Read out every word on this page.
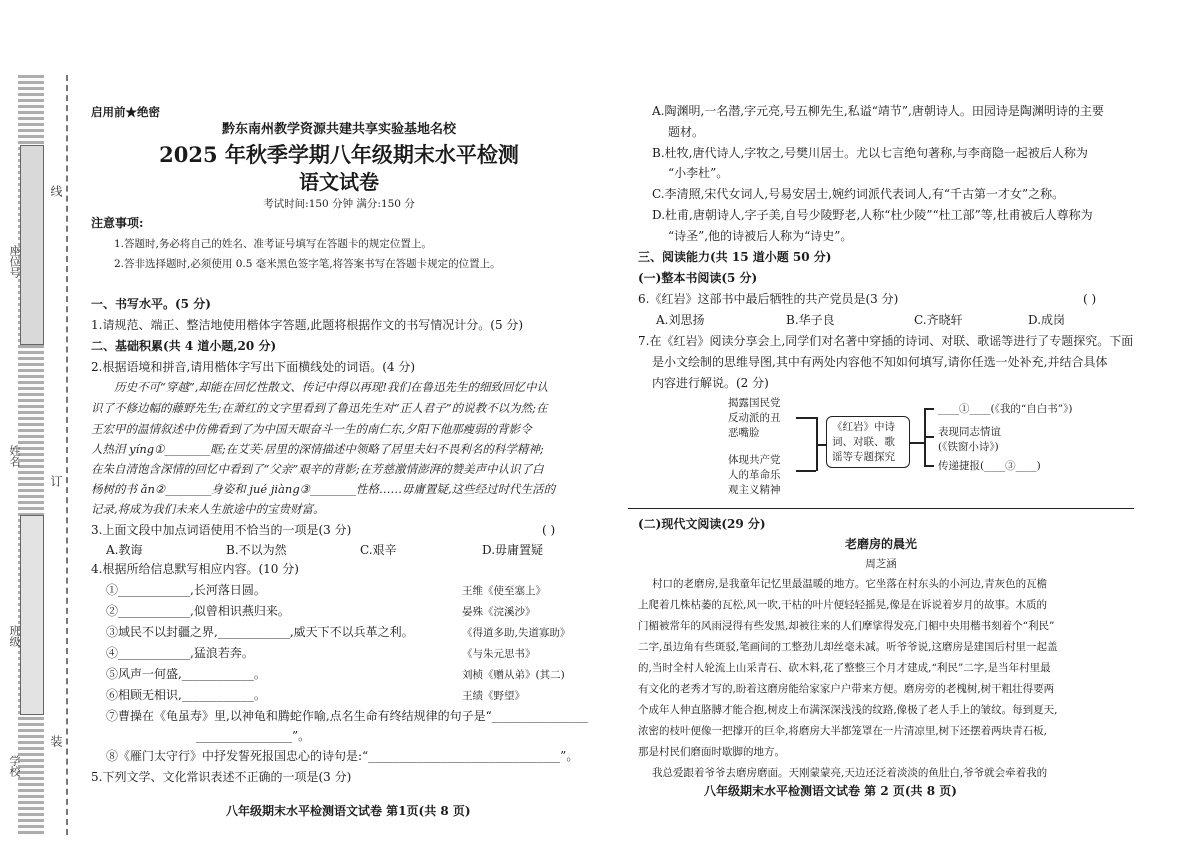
座位号
姓名
班级
学校
线
订
装
启用前★绝密
黔东南州教学资源共建共享实验基地名校
2025 年秋季学期八年级期末水平检测
语文试卷
考试时间:150 分钟 满分:150 分
注意事项:
1.答题时,务必将自己的姓名、准考证号填写在答题卡的规定位置上。
2.答非选择题时,必须使用 0.5 毫米黑色签字笔,将答案书写在答题卡规定的位置上。
一、书写水平。(5 分)
1.请规范、端正、整洁地使用楷体字答题,此题将根据作文的书写情况计分。(5 分)
二、基础积累(共 4 道小题,20 分)
2.根据语境和拼音,请用楷体字写出下面横线处的词语。(4 分)
历史不可“穿越”,却能在回忆性散文、传记中得以再现!我们在鲁迅先生的细致回忆中认
识了不修边幅的藤野先生;在萧红的文字里看到了鲁迅先生对“正人君子”的说教不以为然;在
王宏甲的温情叙述中仿佛看到了为中国天眼奋斗一生的南仁东,夕阳下他那瘦弱的背影令
人热泪 yíng①________眶;在艾芙·居里的深情描述中领略了居里夫妇不畏利名的科学精神;
在朱自清饱含深情的回忆中看到了“父亲”艰辛的背影;在芳慈激情澎湃的赞美声中认识了白
杨树的书 ǎn②________身姿和 jué jiàng③________性格……毋庸置疑,这些经过时代生活的
记录,将成为我们未来人生旅途中的宝贵财富。
3.上面文段中加点词语使用不恰当的一项是(3 分)	( )
A.教诲	B.不以为然	C.艰辛	D.毋庸置疑
4.根据所给信息默写相应内容。(10 分)
①____________,长河落日圆。	王维《使至塞上》
②____________,似曾相识燕归来。	晏殊《浣溪沙》
③域民不以封疆之界,____________,威天下不以兵革之利。	《得道多助,失道寡助》
④____________,猛浪若奔。	《与朱元思书》
⑤风声一何盛,____________。	刘桢《赠从弟》(其二)
⑥相顾无相识,____________。	王绩《野望》
⑦曹操在《龟虽寿》里,以神龟和腾蛇作喻,点名生命有终结规律的句子是“________________
________________”。
⑧《雁门太守行》中抒发誓死报国忠心的诗句是:“________________________________”。
5.下列文学、文化常识表述不正确的一项是(3 分)
八年级期末水平检测语文试卷 第1页(共 8 页)
A.陶渊明,一名潜,字元亮,号五柳先生,私谥“靖节”,唐朝诗人。田园诗是陶渊明诗的主要
题材。
B.杜牧,唐代诗人,字牧之,号樊川居士。尤以七言绝句著称,与李商隐一起被后人称为
“小李杜”。
C.李清照,宋代女词人,号易安居士,婉约词派代表词人,有“千古第一才女”之称。
D.杜甫,唐朝诗人,字子美,自号少陵野老,人称“杜少陵”“杜工部”等,杜甫被后人尊称为
“诗圣”,他的诗被后人称为“诗史”。
三、阅读能力(共 15 道小题 50 分)
(一)整本书阅读(5 分)
6.《红岩》这部书中最后牺牲的共产党员是(3 分)	( )
A.刘思扬	B.华子良	C.齐晓轩	D.成岗
7.在《红岩》阅读分享会上,同学们对名著中穿插的诗词、对联、歌谣等进行了专题探究。下面
是小文绘制的思维导图,其中有两处内容他不知如何填写,请你任选一处补充,并结合具体
内容进行解说。(2 分)
揭露国民党
反动派的丑
恶嘴脸
体现共产党
人的革命乐
观主义精神
《红岩》中诗
词、对联、歌
谣等专题探究
____①____(《我的“自白书”》)
表现同志情谊
(《铁窗小诗》)
传递捷报(____③____)
(二)现代文阅读(29 分)
老磨房的晨光
周芝涵
村口的老磨房,是我童年记忆里最温暖的地方。它坐落在村东头的小河边,青灰色的瓦檐
上爬着几株枯萎的瓦松,风一吹,干枯的叶片便轻轻摇晃,像是在诉说着岁月的故事。木质的
门楣被常年的风雨浸得有些发黑,却被往来的人们摩挲得发亮,门楣中央用楷书刻着个“利民”
二字,虽边角有些斑驳,笔画间的工整劲儿却丝毫未减。听爷爷说,这磨房是建国后村里一起盖
的,当时全村人轮流上山采青石、砍木料,花了整整三个月才建成,“利民”二字,是当年村里最
有文化的老秀才写的,盼着这磨房能给家家户户带来方便。磨房旁的老槐树,树干粗壮得要两
个成年人伸直胳膊才能合抱,树皮上布满深深浅浅的纹路,像极了老人手上的皱纹。每到夏天,
浓密的枝叶便像一把撑开的巨伞,将磨房大半都笼罩在一片清凉里,树下还摆着两块青石板,
那是村民们磨面时歇脚的地方。
我总爱跟着爷爷去磨房磨面。天刚蒙蒙亮,天边还泛着淡淡的鱼肚白,爷爷就会牵着我的
八年级期末水平检测语文试卷 第 2 页(共 8 页)
